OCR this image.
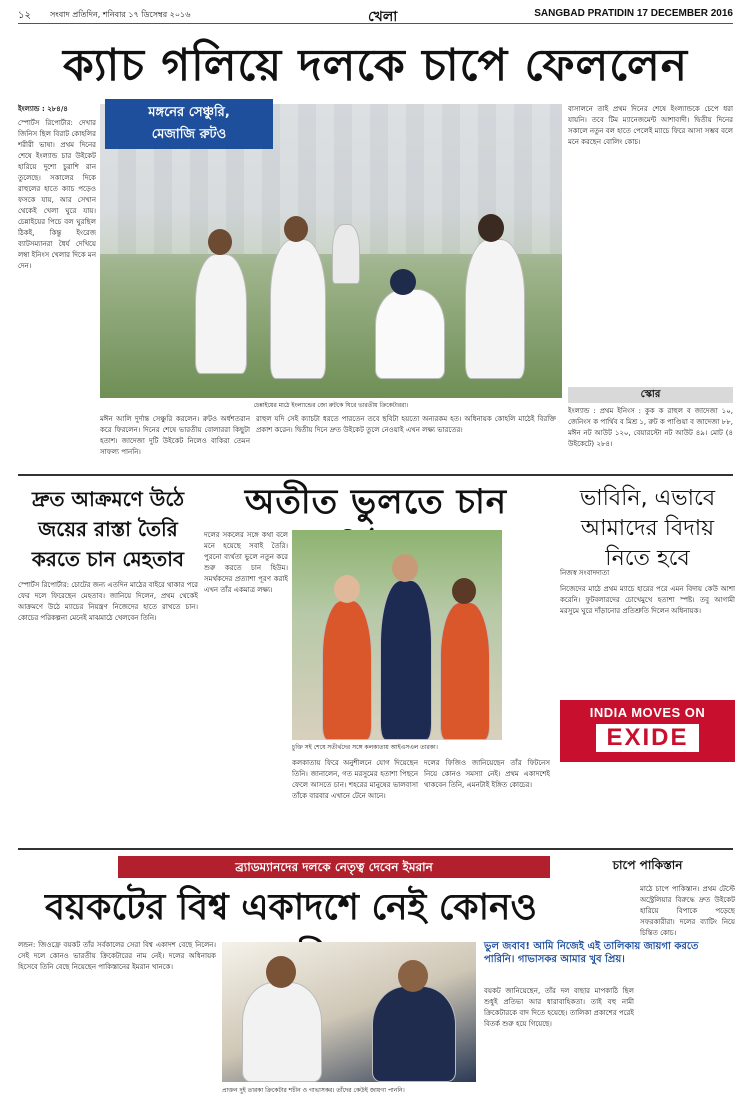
১২ সংবাদ প্রতিদিন, শনিবার ১৭ ডিসেম্বর ২০১৬	খেলা	SANGBAD PRATIDIN 17 DECEMBER 2016
ক্যাচ গলিয়ে দলকে চাপে ফেললেন

ইংল্যান্ড : ২৮৪/৪

স্পোর্টস রিপোর্টার: দেখার জিনিস ছিল বিরাট কোহলির শরীরী ভাষা। প্রথম দিনের শেষে ইংল্যান্ড চার উইকেট হারিয়ে দুশো চুরাশি রান তুলেছে। সকালের দিকে রাহুলের হাতে ক্যাচ পড়েও ফসকে যায়, আর সেখান থেকেই খেলা ঘুরে যায়। চেন্নাইয়ের পিচে বল ঘুরছিল ঠিকই, কিন্তু ইংরেজ ব্যাটসম্যানরা ধৈর্য দেখিয়ে লম্বা ইনিংস খেলার দিকে মন দেন।

মঙ্গনের সেঞ্চুরি,
মেজাজি রুটও
চেন্নাইয়ের মাঠে ইংল্যান্ডের জো রুটকে ঘিরে ভারতীয় ক্রিকেটাররা।

মঈন আলি দুর্দান্ত সেঞ্চুরি করলেন। রুটও অর্ধশতরান করে ফিরলেন। দিনের শেষে ভারতীয় বোলাররা কিছুটা হতাশ। জাদেজা দুটি উইকেট নিলেও বাকিরা তেমন সাফল্য পাননি।

রাহুল যদি সেই ক্যাচটা ধরতে পারতেন তবে ছবিটা হয়তো অন্যরকম হত। অধিনায়ক কোহলি মাঠেই বিরক্তি প্রকাশ করেন। দ্বিতীয় দিনে দ্রুত উইকেট তুলে নেওয়াই এখন লক্ষ্য ভারতের।

বাসালনে তাই প্রথম দিনের শেষে ইংল্যান্ডকে চেপে ধরা যায়নি। তবে টিম ম্যানেজমেন্ট আশাবাদী। দ্বিতীয় দিনের সকালে নতুন বল হাতে পেলেই ম্যাচে ফিরে আসা সম্ভব বলে মনে করছেন বোলিং কোচ।

স্কোর

ইংল্যান্ড : প্রথম ইনিংস : কুক ক রাহুল ব জাদেজা ১০, জেনিংস ক পার্থিব ব মিশ্র ১, রুট ক পাণ্ডিয়া ব জাদেজা ৮৮, মঈন নট আউট ১২০, বেয়ারস্টো নট আউট ৪৯। মোট (৪ উইকেটে) ২৮৪।

দ্রুত আক্রমণে উঠে জয়ের রাস্তা তৈরি করতে চান মেহতাব
অতীত ভুলতে চান	ভাবিনি, এভাবে আমাদের বিদায় নিতে হবে

স্পোর্টস রিপোর্টার: চোটের জন্য এতদিন মাঠের বাইরে থাকার পরে ফের দলে ফিরেছেন মেহতাব। জানিয়ে দিলেন, প্রথম থেকেই আক্রমণে উঠে ম্যাচের নিয়ন্ত্রণ নিজেদের হাতে রাখতে চান। কোচের পরিকল্পনা মেনেই মাঝমাঠে খেলবেন তিনি।

দলের সকলের সঙ্গে কথা বলে মনে হয়েছে সবাই তৈরি। পুরনো ব্যর্থতা ভুলে নতুন করে শুরু করতে চান হিউম। সমর্থকদের প্রত্যাশা পূরণ করাই এখন তাঁর একমাত্র লক্ষ্য।

চুক্তি সই শেষে সতীর্থদের সঙ্গে কলকাতায় আইএসএল তারকা।

কলকাতায় ফিরে অনুশীলনে যোগ দিয়েছেন তিনি। জানালেন, গত মরসুমের হতাশা পিছনে ফেলে আসতে চান। শহরের মানুষের ভালবাসা তাঁকে বারবার এখানে টেনে আনে।

দলের ফিজিও জানিয়েছেন তাঁর ফিটনেস নিয়ে কোনও সমস্যা নেই। প্রথম একাদশেই থাকবেন তিনি, এমনটাই ইঙ্গিত কোচের।

নিজস্ব সংবাদদাতা

নিজেদের মাঠে প্রথম ম্যাচে হারের পরে এমন বিদায় কেউ আশা করেনি। ফুটবলারদের চোখেমুখে হতাশা স্পষ্ট। তবু আগামী মরসুমে ঘুরে দাঁড়ানোর প্রতিশ্রুতি দিলেন অধিনায়ক।

INDIA MOVES ON
EXIDE
ব্র্যাডম্যানদের দলকে নেতৃত্ব দেবেন ইমরান	চাপে পাকিস্তান
বয়কটের বিশ্ব একাদশে নেই কোনও

লন্ডন: জিওফ্রে বয়কট তাঁর সর্বকালের সেরা বিশ্ব একাদশ বেছে নিলেন। সেই দলে কোনও ভারতীয় ক্রিকেটারের নাম নেই। দলের অধিনায়ক হিসেবে তিনি বেছে নিয়েছেন পাকিস্তানের ইমরান খানকে।

প্রাক্তন দুই তারকা ক্রিকেটার শচীন ও গাভাসকর। তাঁদের কেউই জায়গা পাননি।
ভুল জবাব! আমি নিজেই এই তালিকায় জায়গা করতে পারিনি। গাভাসকর আমার খুব প্রিয়।

বয়কট জানিয়েছেন, তাঁর দল বাছার মাপকাঠি ছিল শুধুই প্রতিভা আর ধারাবাহিকতা। তাই বহু নামী ক্রিকেটারকে বাদ দিতে হয়েছে। তালিকা প্রকাশের পরেই বিতর্ক শুরু হয়ে গিয়েছে।

মাঠে চাপে পাকিস্তান। প্রথম টেস্টে অস্ট্রেলিয়ার বিরুদ্ধে দ্রুত উইকেট হারিয়ে বিপাকে পড়েছে সফরকারীরা। দলের ব্যাটিং নিয়ে চিন্তিত কোচ।
